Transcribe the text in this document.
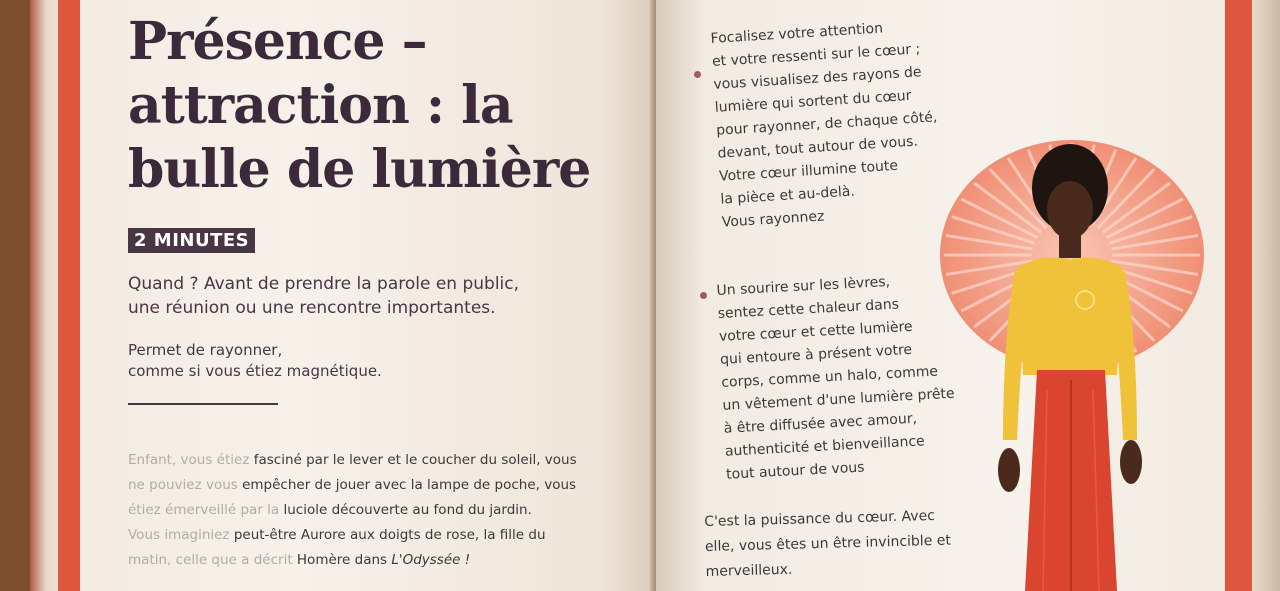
Présence –
attraction : la
bulle de lumière
2 MINUTES
Quand ? Avant de prendre la parole en public,
une réunion ou une rencontre importantes.
Permet de rayonner,
comme si vous étiez magnétique.
Enfant, vous étiez fasciné par le lever et le coucher du soleil, vous
ne pouviez vous empêcher de jouer avec la lampe de poche, vous
étiez émerveillé par la luciole découverte au fond du jardin.
Vous imaginiez peut-être Aurore aux doigts de rose, la fille du
matin, celle que a décrit Homère dans L'Odyssée !
Focalisez votre attention
et votre ressenti sur le cœur ;
vous visualisez des rayons de
lumière qui sortent du cœur
pour rayonner, de chaque côté,
devant, tout autour de vous.
Votre cœur illumine toute
la pièce et au-delà.
Vous rayonnez
Un sourire sur les lèvres,
sentez cette chaleur dans
votre cœur et cette lumière
qui entoure à présent votre
corps, comme un halo, comme
un vêtement d'une lumière prête
à être diffusée avec amour,
authenticité et bienveillance
tout autour de vous
C'est la puissance du cœur. Avec
elle, vous êtes un être invincible et
merveilleux.
